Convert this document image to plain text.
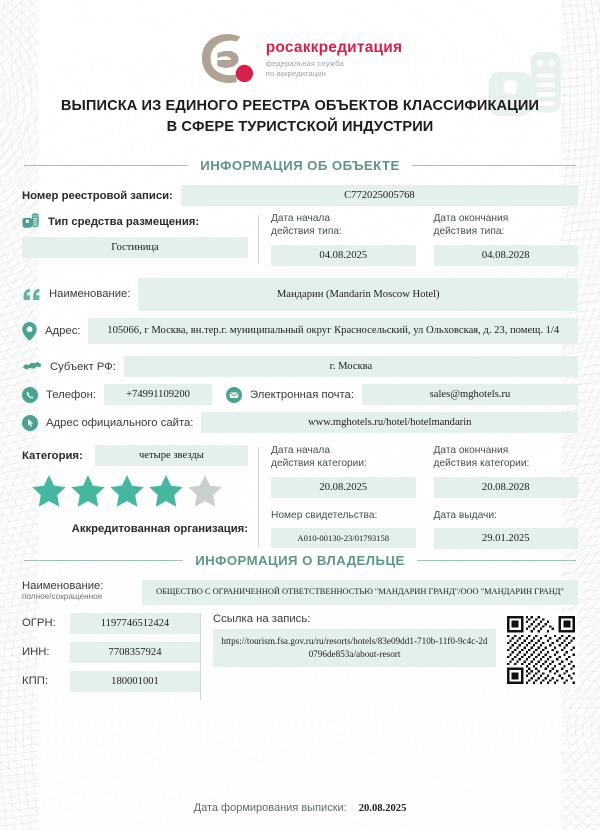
росаккредитация
федеральная служба
по аккредитации
ВЫПИСКА ИЗ ЕДИНОГО РЕЕСТРА ОБЪЕКТОВ КЛАССИФИКАЦИИ
В СФЕРЕ ТУРИСТСКОЙ ИНДУСТРИИ
ИНФОРМАЦИЯ ОБ ОБЪЕКТЕ
Номер реестровой записи:	C772025005768
Тип средства размещения:
Гостиница
Дата начала
действия типа:
04.08.2025
Дата окончания
действия типа:
04.08.2028
Наименование:	Мандарин (Mandarin Moscow Hotel)
Адрес:	105066, г Москва, вн.тер.г. муниципальный округ Красносельский, ул Ольховская, д. 23, помещ. 1/4
Субъект РФ:	г. Москва
Телефон:	+74991109200	Электронная почта:	sales@mghotels.ru
Адрес официального сайта:	www.mghotels.ru/hotel/hotelmandarin
Категория:	четыре звезды	Дата начала
действия категории:
20.08.2025
Дата окончания
действия категории:
20.08.2028
Номер свидетельства:
А010-00130-23/01793158
Дата выдачи:
29.01.2025
Аккредитованная организация:
ИНФОРМАЦИЯ О ВЛАДЕЛЬЦЕ
Наименование:
полное/сокращенное
ОБЩЕСТВО С ОГРАНИЧЕННОЙ ОТВЕТСТВЕННОСТЬЮ "МАНДАРИН ГРАНД"/ООО "МАНДАРИН ГРАНД"
ОГРН:	1197746512424
ИНН:	7708357924
КПП:	180001001
Ссылка на запись:
https://tourism.fsa.gov.ru/ru/resorts/hotels/83e09dd1-710b-11f0-9c4c-2d0796de853a/about-resort
Дата формирования выписки: 20.08.2025
